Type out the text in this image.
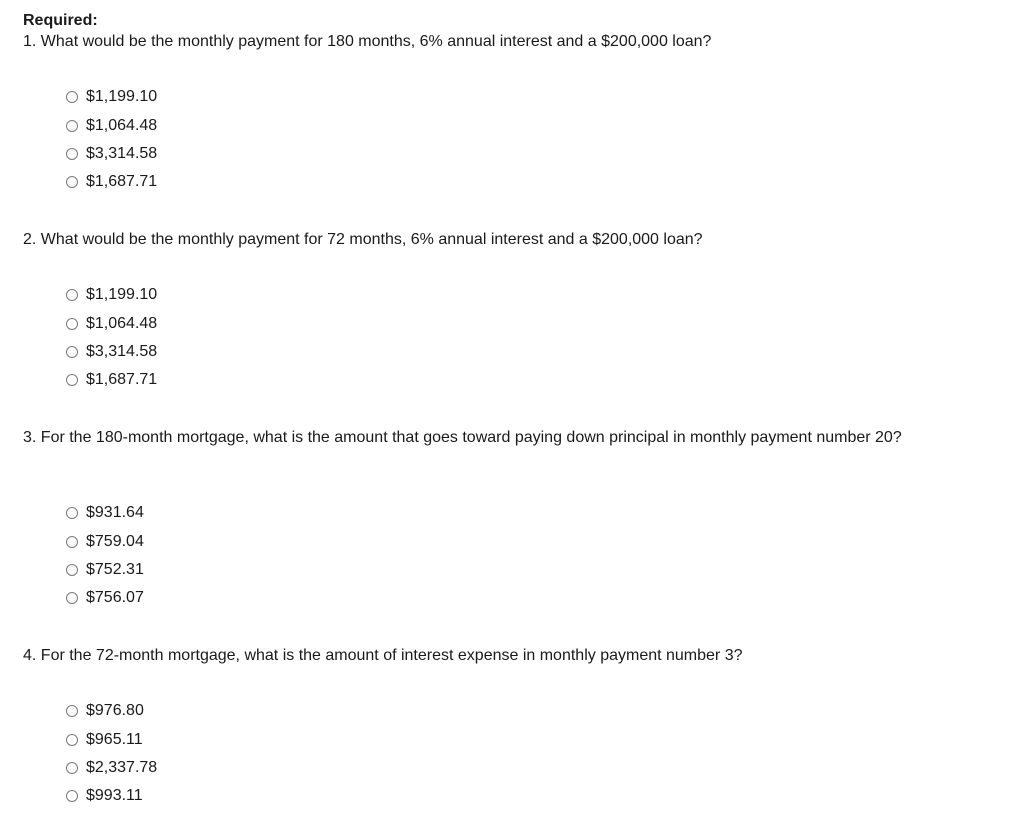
Required:
1. What would be the monthly payment for 180 months, 6% annual interest and a $200,000 loan?
$1,199.10
$1,064.48
$3,314.58
$1,687.71
2. What would be the monthly payment for 72 months, 6% annual interest and a $200,000 loan?
$1,199.10
$1,064.48
$3,314.58
$1,687.71
3. For the 180-month mortgage, what is the amount that goes toward paying down principal in monthly payment number 20?
$931.64
$759.04
$752.31
$756.07
4. For the 72-month mortgage, what is the amount of interest expense in monthly payment number 3?
$976.80
$965.11
$2,337.78
$993.11
